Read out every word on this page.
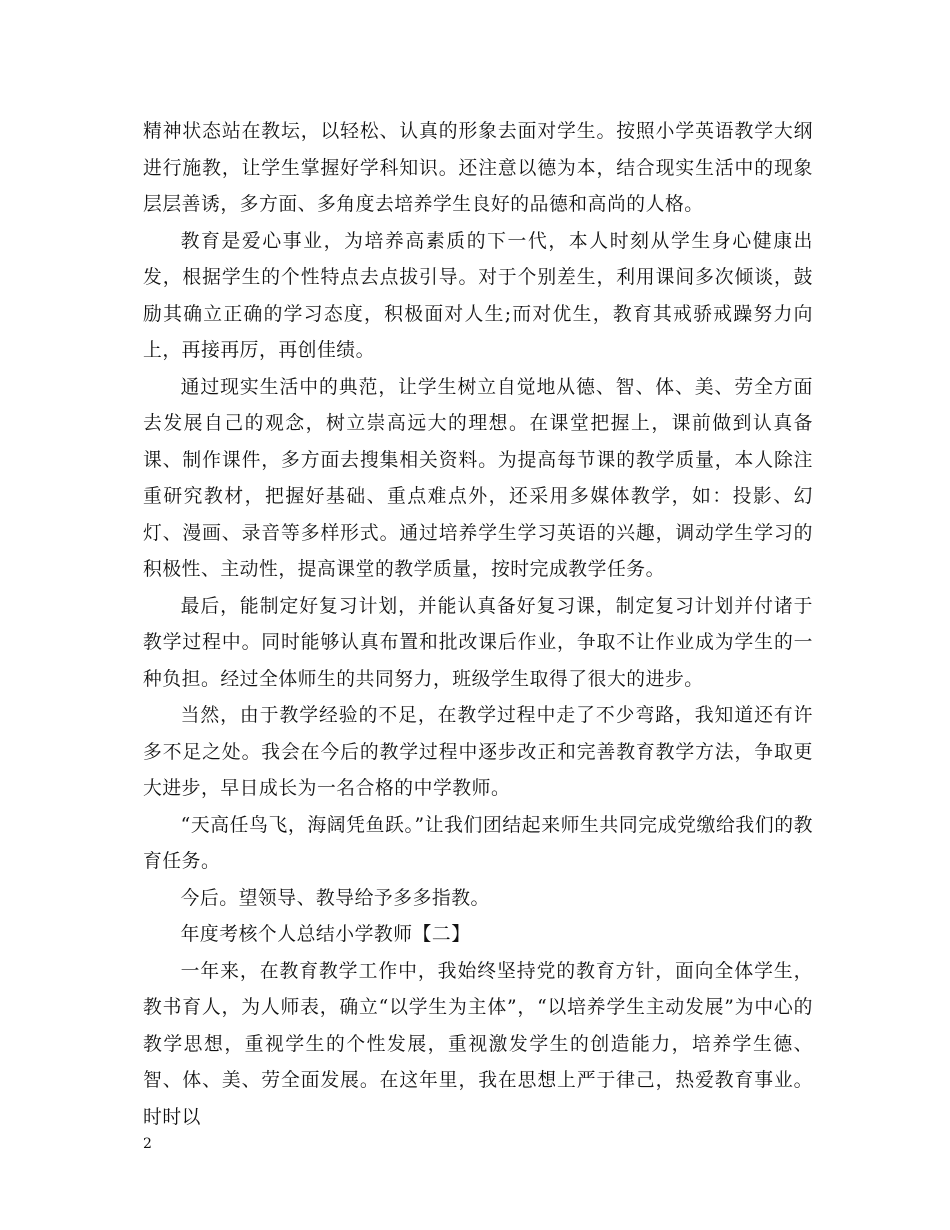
精神状态站在教坛，以轻松、认真的形象去面对学生。按照小学英语教学大纲进行施教，让学生掌握好学科知识。还注意以德为本，结合现实生活中的现象层层善诱，多方面、多角度去培养学生良好的品德和高尚的人格。

教育是爱心事业，为培养高素质的下一代，本人时刻从学生身心健康出发，根据学生的个性特点去点拔引导。对于个别差生，利用课间多次倾谈，鼓励其确立正确的学习态度，积极面对人生;而对优生，教育其戒骄戒躁努力向上，再接再厉，再创佳绩。

通过现实生活中的典范，让学生树立自觉地从德、智、体、美、劳全方面去发展自己的观念，树立崇高远大的理想。在课堂把握上，课前做到认真备课、制作课件，多方面去搜集相关资料。为提高每节课的教学质量，本人除注重研究教材，把握好基础、重点难点外，还采用多媒体教学，如：投影、幻灯、漫画、录音等多样形式。通过培养学生学习英语的兴趣，调动学生学习的积极性、主动性，提高课堂的教学质量，按时完成教学任务。

最后，能制定好复习计划，并能认真备好复习课，制定复习计划并付诸于教学过程中。同时能够认真布置和批改课后作业，争取不让作业成为学生的一种负担。经过全体师生的共同努力，班级学生取得了很大的进步。

当然，由于教学经验的不足，在教学过程中走了不少弯路，我知道还有许多不足之处。我会在今后的教学过程中逐步改正和完善教育教学方法，争取更大进步，早日成长为一名合格的中学教师。

“天高任鸟飞，海阔凭鱼跃。”让我们团结起来师生共同完成党缴给我们的教育任务。

今后。望领导、教导给予多多指教。

年度考核个人总结小学教师【二】

一年来，在教育教学工作中，我始终坚持党的教育方针，面向全体学生，教书育人，为人师表，确立“以学生为主体”，“以培养学生主动发展”为中心的教学思想，重视学生的个性发展，重视激发学生的创造能力，培养学生德、智、体、美、劳全面发展。在这年里，我在思想上严于律己，热爱教育事业。时时以

2
